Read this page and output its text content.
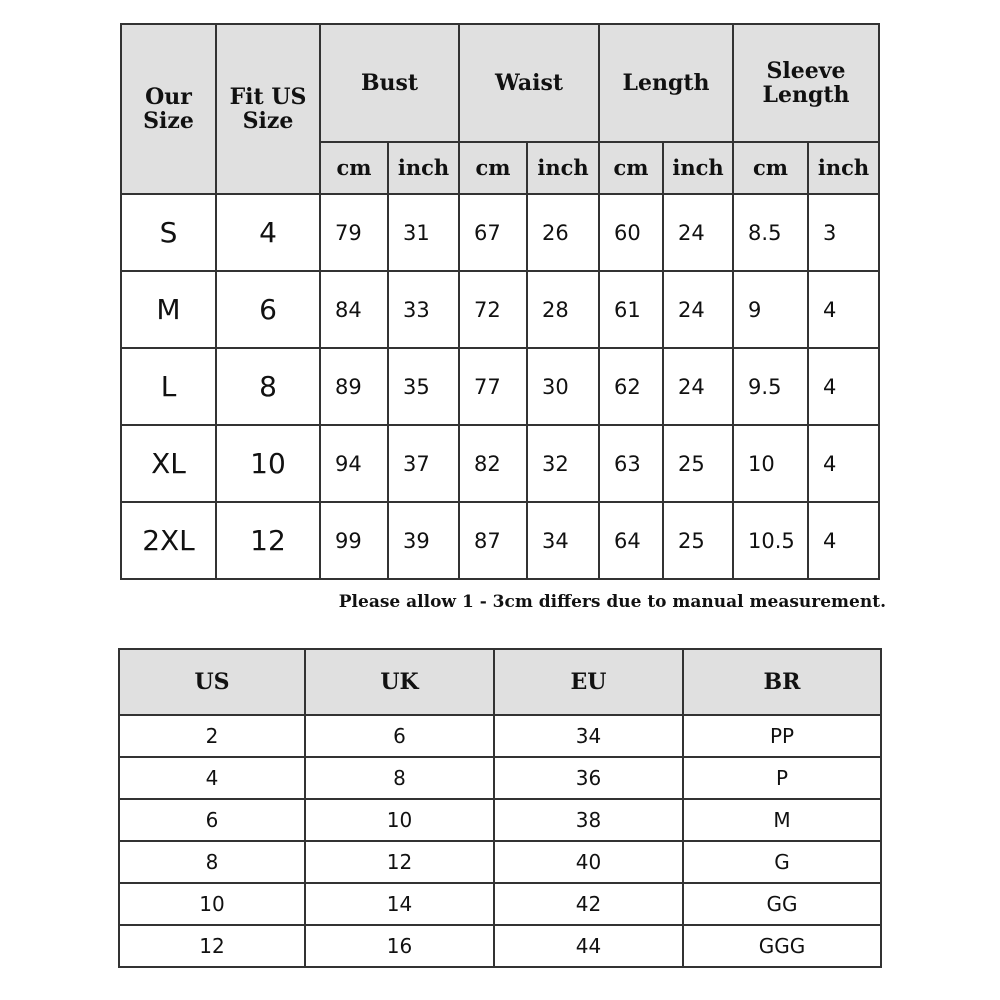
Our Size	Fit US Size	Bust		Waist		Length		Sleeve Length	
		cm	inch	cm	inch	cm	inch	cm	inch
S	4	79	31	67	26	60	24	8.5	3
M	6	84	33	72	28	61	24	9	4
L	8	89	35	77	30	62	24	9.5	4
XL	10	94	37	82	32	63	25	10	4
2XL	12	99	39	87	34	64	25	10.5	4
Please allow 1 - 3cm differs due to manual measurement.
US	UK	EU	BR
2	6	34	PP
4	8	36	P
6	10	38	M
8	12	40	G
10	14	42	GG
12	16	44	GGG
